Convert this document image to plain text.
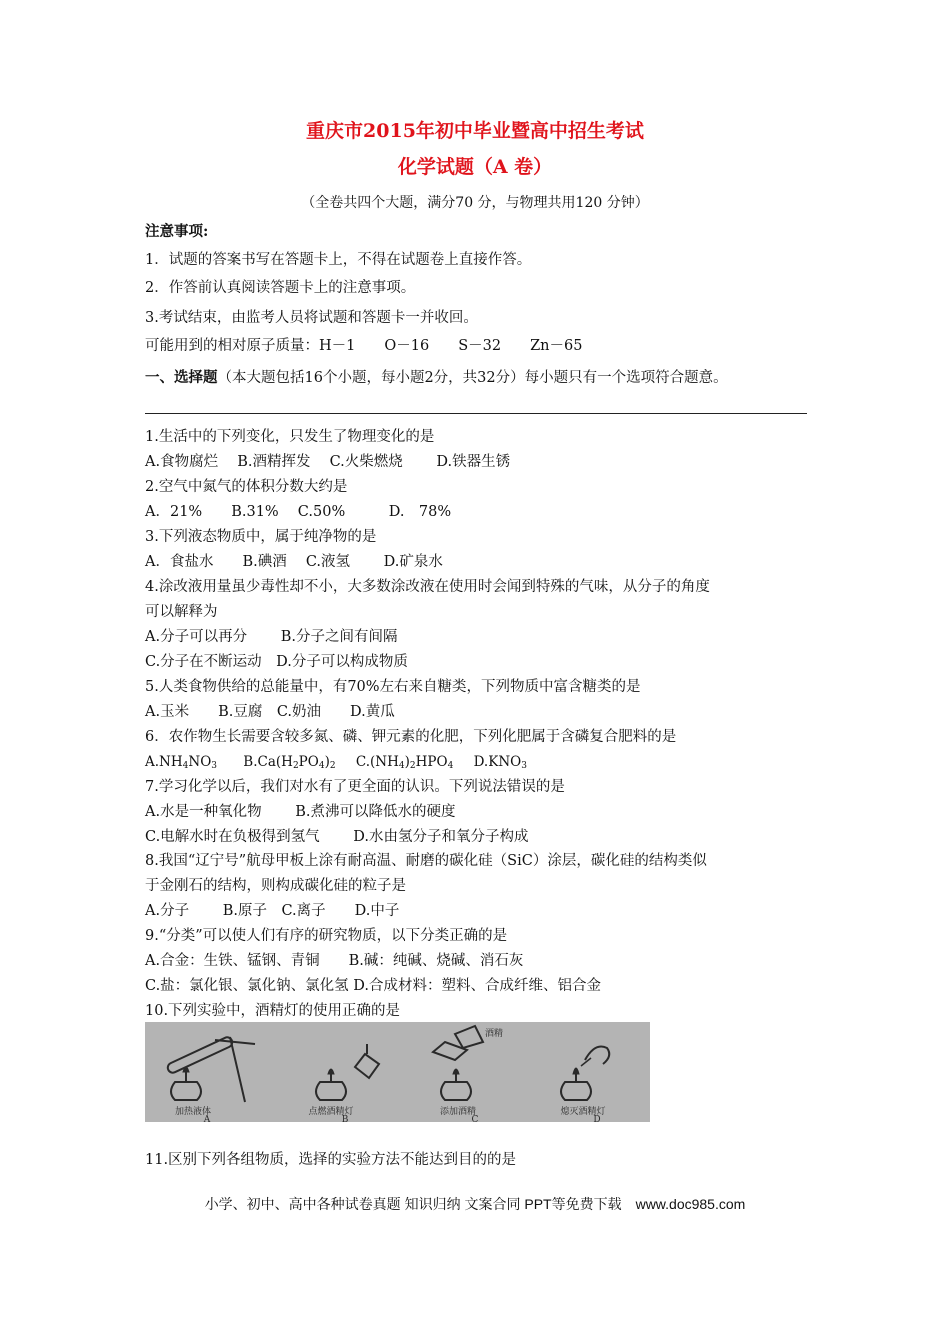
重庆市2015年初中毕业暨高中招生考试
化学试题（A 卷）
（全卷共四个大题，满分70 分，与物理共用120 分钟）
注意事项:
1．试题的答案书写在答题卡上，不得在试题卷上直接作答。
2．作答前认真阅读答题卡上的注意事项。
3.考试结束，由监考人员将试题和答题卡一并收回。
可能用到的相对原子质量：H－1　　O－16　　S－32　　Zn－65
一、选择题（本大题包括16个小题，每小题2分，共32分）每小题只有一个选项符合题意。
1.生活中的下列变化，只发生了物理变化的是
A.食物腐烂　 B.酒精挥发　 C.火柴燃烧　　 D.铁器生锈
2.空气中氮气的体积分数大约是
A．21%　　B.31%　 C.50%　　　D.　78%
3.下列液态物质中，属于纯净物的是
A．食盐水　　B.碘酒　 C.液氢　　 D.矿泉水
4.涂改液用量虽少毒性却不小，大多数涂改液在使用时会闻到特殊的气味，从分子的角度
可以解释为
A.分子可以再分　　 B.分子之间有间隔
C.分子在不断运动　D.分子可以构成物质
5.人类食物供给的总能量中，有70%左右来自糖类，下列物质中富含糖类的是
A.玉米　　B.豆腐　C.奶油　　D.黄瓜
6．农作物生长需要含较多氮、磷、钾元素的化肥，下列化肥属于含磷复合肥料的是
$A.NH_4NO_3$ $B.Ca(H_2PO_4)_2$ $C.(NH_4)_2HPO_4$ $D.KNO_3$
7.学习化学以后，我们对水有了更全面的认识。下列说法错误的是
A.水是一种氧化物　　 B.煮沸可以降低水的硬度
C.电解水时在负极得到氢气　　 D.水由氢分子和氧分子构成
8.我国“辽宁号”航母甲板上涂有耐高温、耐磨的碳化硅（SiC）涂层，碳化硅的结构类似
于金刚石的结构，则构成碳化硅的粒子是
A.分子　　 B.原子　C.离子　　D.中子
9.“分类”可以使人们有序的研究物质，以下分类正确的是
A.合金：生铁、锰钢、青铜　　B.碱：纯碱、烧碱、消石灰
C.盐：氯化银、氯化钠、氯化氢 D.合成材料：塑料、合成纤维、铝合金
10.下列实验中，酒精灯的使用正确的是
酒精
加热液体	点燃酒精灯	添加酒精	熄灭酒精灯
A	B	C	D
11.区别下列各组物质，选择的实验方法不能达到目的的是
小学、初中、高中各种试卷真题 知识归纳 文案合同 PPT等免费下载　www.doc985.com
